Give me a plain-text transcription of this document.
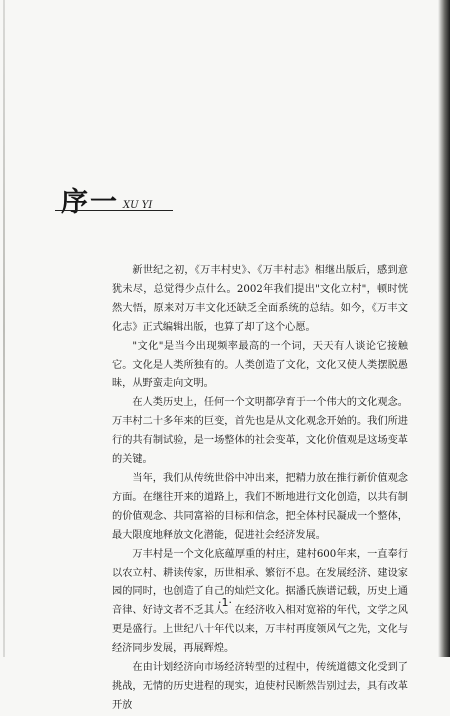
序一 XU YI

新世纪之初，《万丰村史》、《万丰村志》相继出版后，感到意犹未尽，总觉得少点什么。2002年我们提出"文化立村"，顿时恍然大悟，原来对万丰文化还缺乏全面系统的总结。如今，《万丰文化志》正式编辑出版，也算了却了这个心愿。

"文化"是当今出现频率最高的一个词，天天有人谈论它接触它。文化是人类所独有的。人类创造了文化，文化又使人类摆脱愚昧，从野蛮走向文明。

在人类历史上，任何一个文明都孕育于一个伟大的文化观念。万丰村二十多年来的巨变，首先也是从文化观念开始的。我们所进行的共有制试验，是一场整体的社会变革，文化价值观是这场变革的关键。

当年，我们从传统世俗中冲出来，把精力放在推行新价值观念方面。在继往开来的道路上，我们不断地进行文化创造，以共有制的价值观念、共同富裕的目标和信念，把全体村民凝成一个整体，最大限度地释放文化潜能，促进社会经济发展。

万丰村是一个文化底蕴厚重的村庄，建村600年来，一直奉行以农立村、耕读传家，历世相承、繁衍不息。在发展经济、建设家园的同时，也创造了自己的灿烂文化。据潘氏族谱记载，历史上通音律、好诗文者不乏其人。在经济收入相对宽裕的年代，文学之风更是盛行。上世纪八十年代以来，万丰村再度领风气之先，文化与经济同步发展，再展辉煌。

在由计划经济向市场经济转型的过程中，传统道德文化受到了挑战，无情的历史进程的现实，迫使村民断然告别过去，具有改革开放

·1·
